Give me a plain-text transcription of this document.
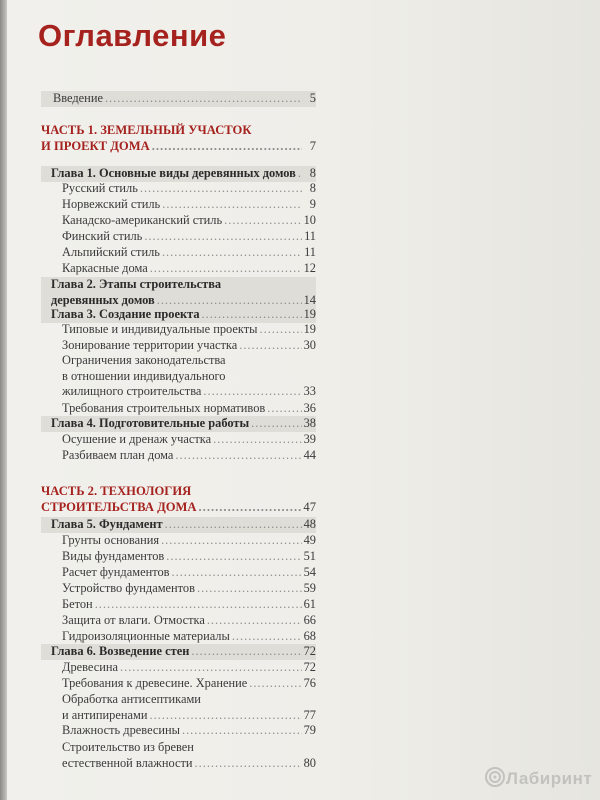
Оглавление
Введение .....	5
ЧАСТЬ 1. ЗЕМЕЛЬНЫЙ УЧАСТОК
И ПРОЕКТ ДОМА .....	7
Глава 1. Основные виды деревянных домов .....	8
Русский стиль .....	8
Норвежский стиль .....	9
Канадско-американский стиль .....	10
Финский стиль .....	11
Альпийский стиль .....	11
Каркасные дома .....	12
Глава 2. Этапы строительства
деревянных домов .....	14
Глава 3. Создание проекта .....	19
Типовые и индивидуальные проекты .....	19
Зонирование территории участка .....	30
Ограничения законодательства
в отношении индивидуального
жилищного строительства .....	33
Требования строительных нормативов .....	36
Глава 4. Подготовительные работы .....	38
Осушение и дренаж участка .....	39
Разбиваем план дома .....	44
ЧАСТЬ 2. ТЕХНОЛОГИЯ
СТРОИТЕЛЬСТВА ДОМА .....	47
Глава 5. Фундамент .....	48
Грунты основания .....	49
Виды фундаментов .....	51
Расчет фундаментов .....	54
Устройство фундаментов .....	59
Бетон .....	61
Защита от влаги. Отмостка .....	66
Гидроизоляционные материалы .....	68
Глава 6. Возведение стен .....	72
Древесина .....	72
Требования к древесине. Хранение .....	76
Обработка антисептиками
и антипиренами .....	77
Влажность древесины .....	79
Строительство из бревен
естественной влажности .....	80
Лабиринт
